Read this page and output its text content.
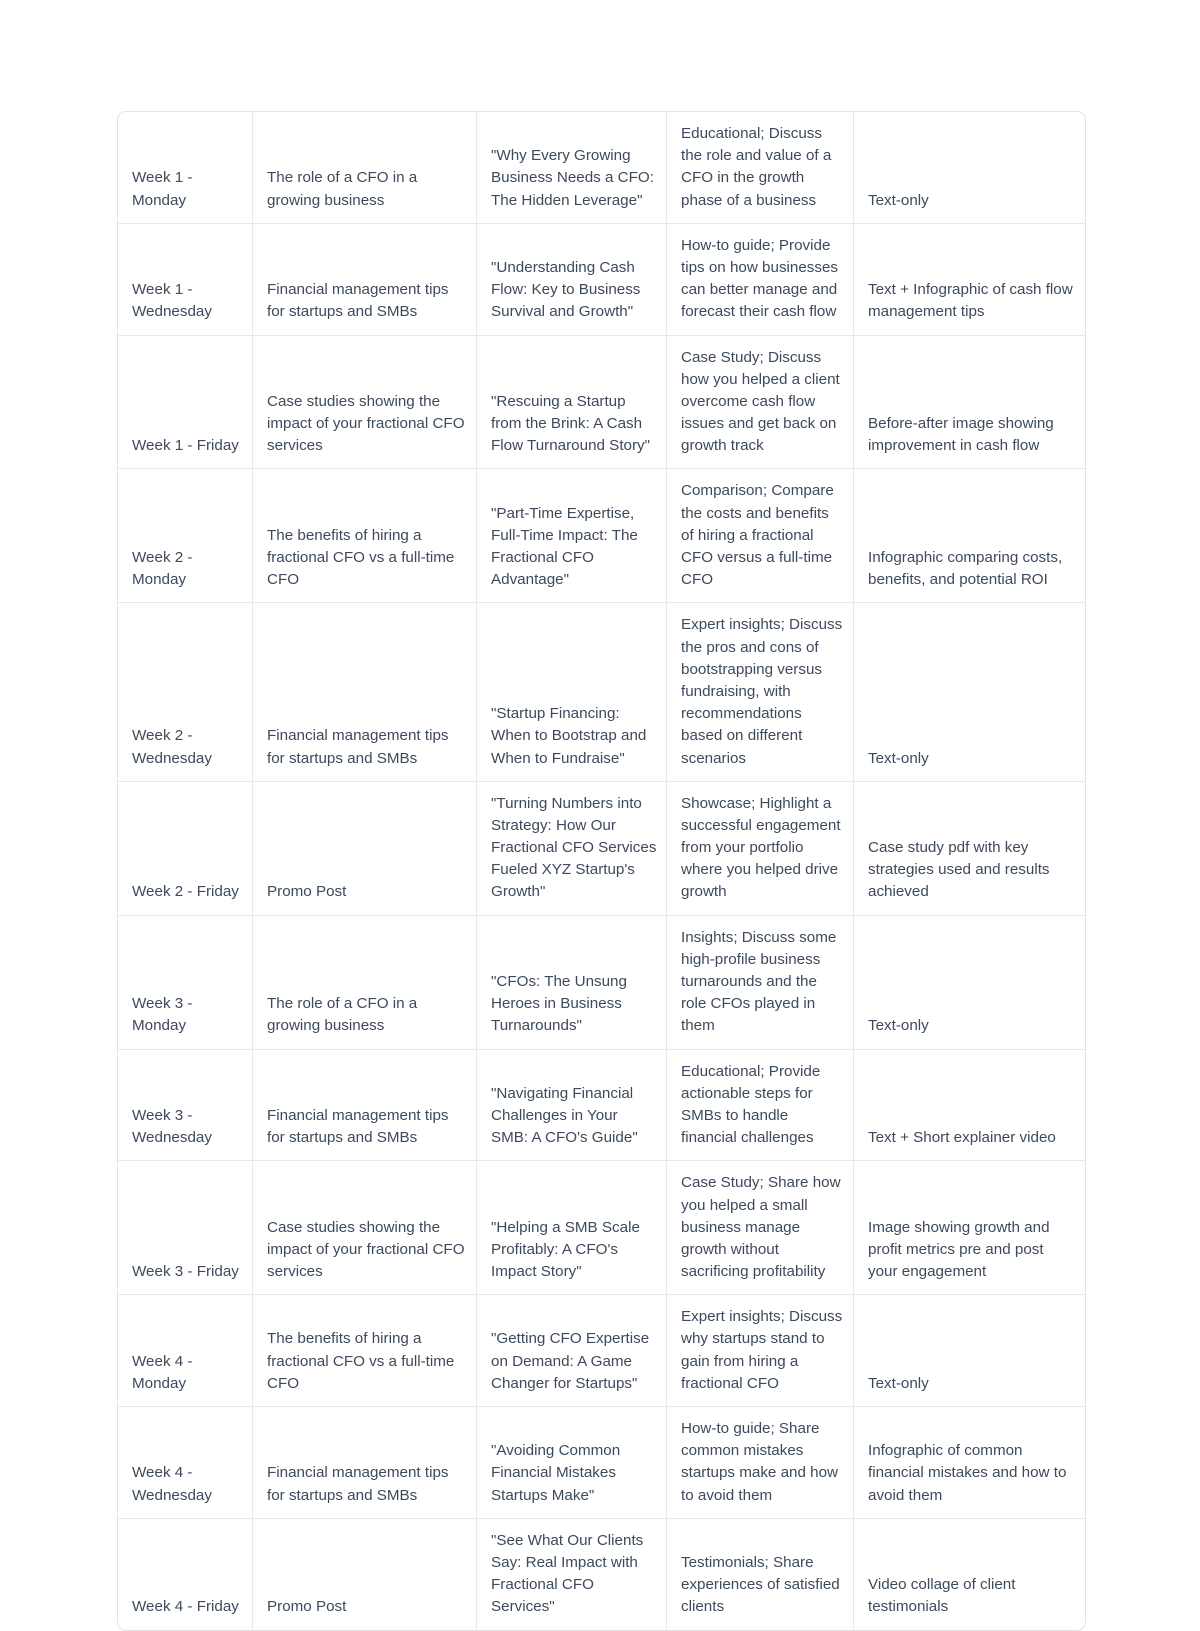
Week 1 - Monday	The role of a CFO in a growing business	"Why Every Growing Business Needs a CFO: The Hidden Leverage"	Educational; Discuss the role and value of a CFO in the growth phase of a business	Text-only
Week 1 - Wednesday	Financial management tips for startups and SMBs	"Understanding Cash Flow: Key to Business Survival and Growth"	How-to guide; Provide tips on how businesses can better manage and forecast their cash flow	Text + Infographic of cash flow management tips
Week 1 - Friday	Case studies showing the impact of your fractional CFO services	"Rescuing a Startup from the Brink: A Cash Flow Turnaround Story"	Case Study; Discuss how you helped a client overcome cash flow issues and get back on growth track	Before-after image showing improvement in cash flow
Week 2 - Monday	The benefits of hiring a fractional CFO vs a full-time CFO	"Part-Time Expertise, Full-Time Impact: The Fractional CFO Advantage"	Comparison; Compare the costs and benefits of hiring a fractional CFO versus a full-time CFO	Infographic comparing costs, benefits, and potential ROI
Week 2 - Wednesday	Financial management tips for startups and SMBs	"Startup Financing: When to Bootstrap and When to Fundraise"	Expert insights; Discuss the pros and cons of bootstrapping versus fundraising, with recommendations based on different scenarios	Text-only
Week 2 - Friday	Promo Post	"Turning Numbers into Strategy: How Our Fractional CFO Services Fueled XYZ Startup's Growth"	Showcase; Highlight a successful engagement from your portfolio where you helped drive growth	Case study pdf with key strategies used and results achieved
Week 3 - Monday	The role of a CFO in a growing business	"CFOs: The Unsung Heroes in Business Turnarounds"	Insights; Discuss some high-profile business turnarounds and the role CFOs played in them	Text-only
Week 3 - Wednesday	Financial management tips for startups and SMBs	"Navigating Financial Challenges in Your SMB: A CFO's Guide"	Educational; Provide actionable steps for SMBs to handle financial challenges	Text + Short explainer video
Week 3 - Friday	Case studies showing the impact of your fractional CFO services	"Helping a SMB Scale Profitably: A CFO's Impact Story"	Case Study; Share how you helped a small business manage growth without sacrificing profitability	Image showing growth and profit metrics pre and post your engagement
Week 4 - Monday	The benefits of hiring a fractional CFO vs a full-time CFO	"Getting CFO Expertise on Demand: A Game Changer for Startups"	Expert insights; Discuss why startups stand to gain from hiring a fractional CFO	Text-only
Week 4 - Wednesday	Financial management tips for startups and SMBs	"Avoiding Common Financial Mistakes Startups Make"	How-to guide; Share common mistakes startups make and how to avoid them	Infographic of common financial mistakes and how to avoid them
Week 4 - Friday	Promo Post	"See What Our Clients Say: Real Impact with Fractional CFO Services"	Testimonials; Share experiences of satisfied clients	Video collage of client testimonials
